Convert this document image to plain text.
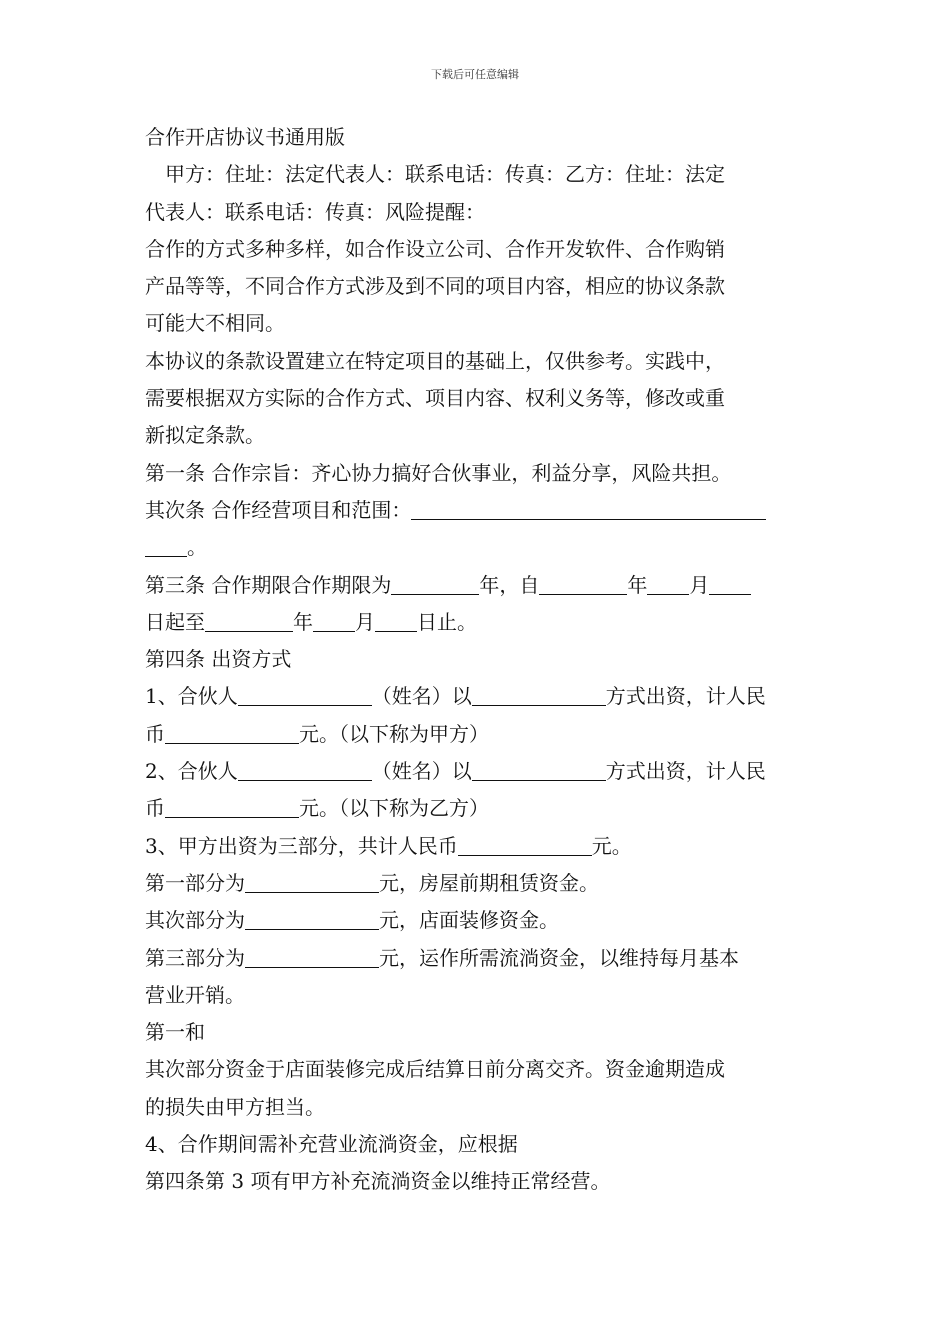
下载后可任意编辑
合作开店协议书通用版
　甲方：住址：法定代表人：联系电话：传真：乙方：住址：法定
代表人：联系电话：传真：风险提醒：
合作的方式多种多样，如合作设立公司、合作开发软件、合作购销
产品等等，不同合作方式涉及到不同的项目内容，相应的协议条款
可能大不相同。
本协议的条款设置建立在特定项目的基础上，仅供参考。实践中，
需要根据双方实际的合作方式、项目内容、权利义务等，修改或重
新拟定条款。
第一条 合作宗旨：齐心协力搞好合伙事业，利益分享，风险共担。
其次条 合作经营项目和范围：
。
第三条 合作期限合作期限为	年，自	年 月
日起至	年 月 日止。
第四条 出资方式
1、合伙人	（姓名）以	方式出资，计人民
币	元。（以下称为甲方）
2、合伙人	（姓名）以	方式出资，计人民
币	元。（以下称为乙方）
3、甲方出资为三部分，共计人民币	元。
第一部分为	元，房屋前期租赁资金。
其次部分为	元，店面装修资金。
第三部分为	元，运作所需流淌资金，以维持每月基本
营业开销。
第一和
其次部分资金于店面装修完成后结算日前分离交齐。资金逾期造成
的损失由甲方担当。
4、合作期间需补充营业流淌资金，应根据
第四条第 3 项有甲方补充流淌资金以维持正常经营。
